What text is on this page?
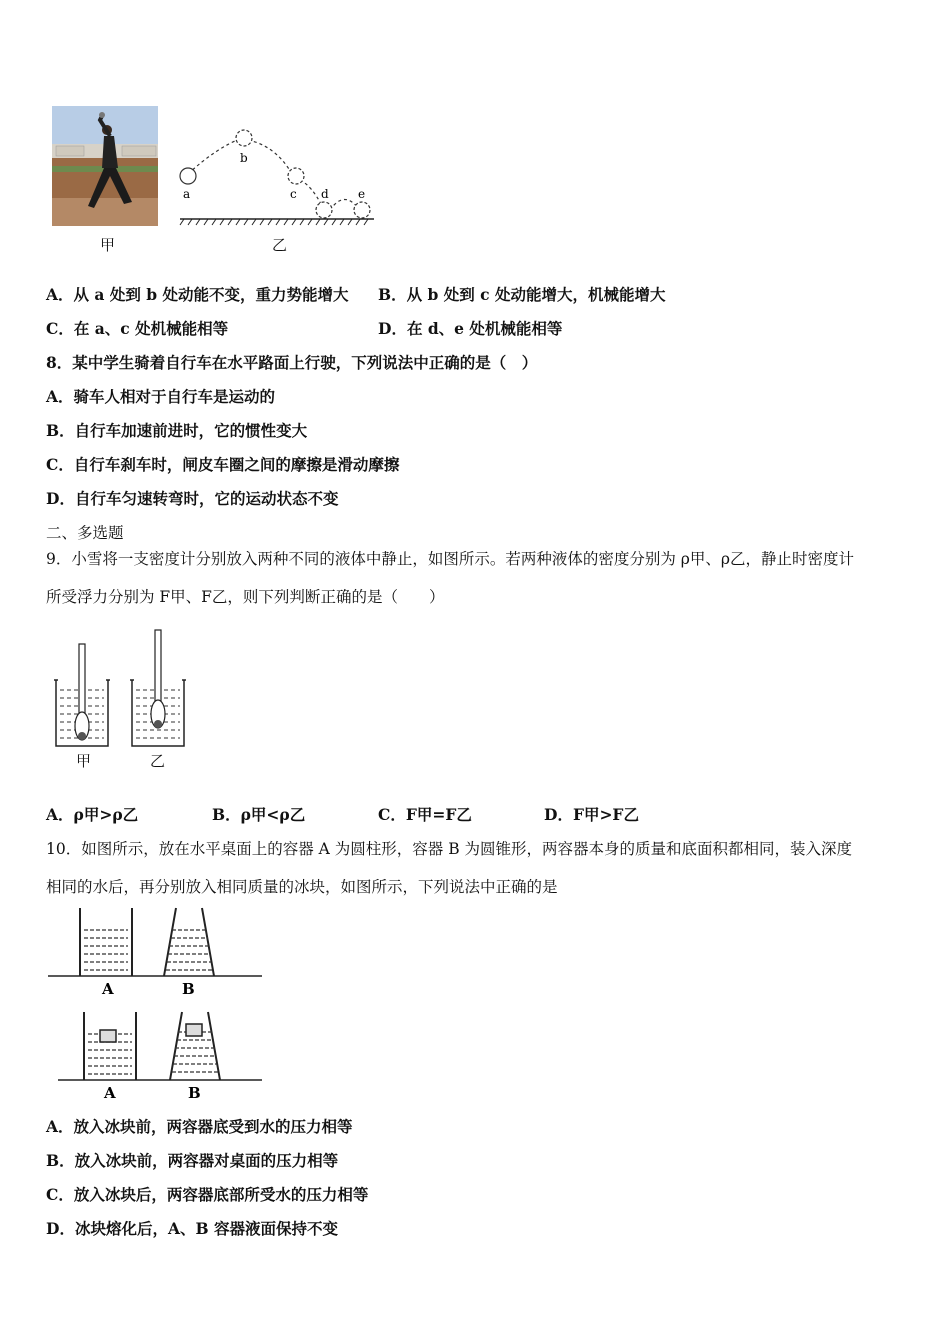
甲
a
b
c d e
乙
A．从 a 处到 b 处动能不变，重力势能增大 B．从 b 处到 c 处动能增大，机械能增大
C．在 a、c 处机械能相等	D．在 d、e 处机械能相等
8．某中学生骑着自行车在水平路面上行驶，下列说法中正确的是（　）
A．骑车人相对于自行车是运动的
B．自行车加速前进时，它的惯性变大
C．自行车刹车时，闸皮车圈之间的摩擦是滑动摩擦
D．自行车匀速转弯时，它的运动状态不变
二、多选题
9．小雪将一支密度计分别放入两种不同的液体中静止，如图所示。若两种液体的密度分别为 ρ甲、ρ乙，静止时密度计
所受浮力分别为 F甲、F乙，则下列判断正确的是（　　）
甲	乙
A．ρ甲>ρ乙	B．ρ甲<ρ乙	C．F甲=F乙	D．F甲>F乙
10．如图所示，放在水平桌面上的容器 A 为圆柱形，容器 B 为圆锥形，两容器本身的质量和底面积都相同，装入深度
相同的水后，再分别放入相同质量的冰块，如图所示，下列说法中正确的是
A	B
A	B
A．放入冰块前，两容器底受到水的压力相等
B．放入冰块前，两容器对桌面的压力相等
C．放入冰块后，两容器底部所受水的压力相等
D．冰块熔化后，A、B 容器液面保持不变
